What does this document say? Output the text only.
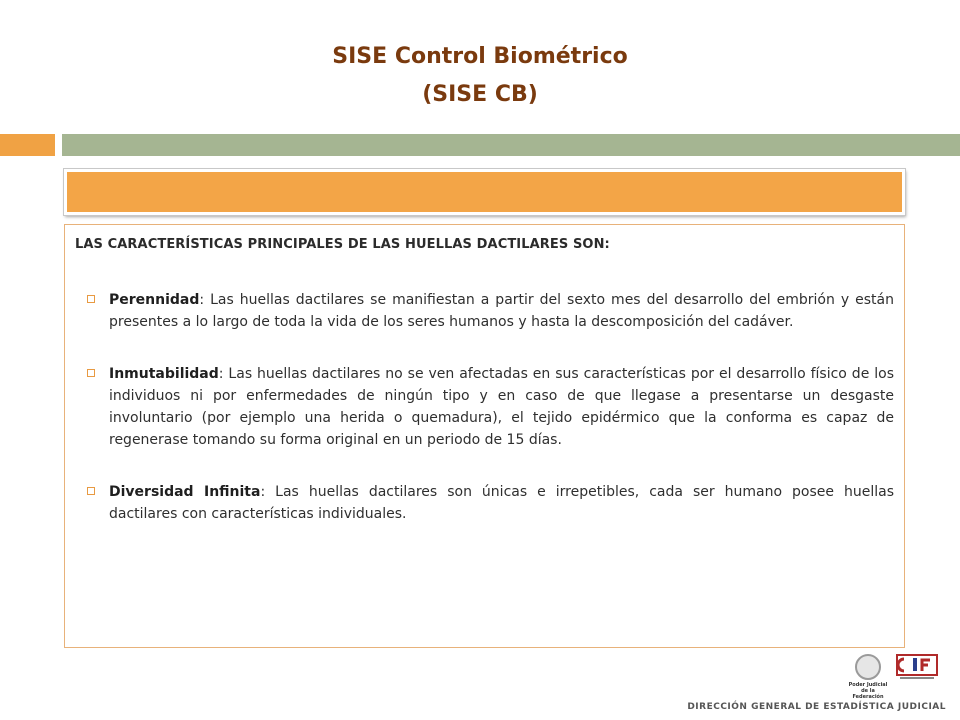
SISE Control Biométrico
(SISE CB)
LAS CARACTERÍSTICAS PRINCIPALES DE LAS HUELLAS DACTILARES SON:

Perennidad: Las huellas dactilares se manifiestan a partir del sexto mes del desarrollo del embrión y están presentes a lo largo de toda la vida de los seres humanos y hasta la descomposición del cadáver.

Inmutabilidad: Las huellas dactilares no se ven afectadas en sus características por el desarrollo físico de los individuos ni por enfermedades de ningún tipo y en caso de que llegase a presentarse un desgaste involuntario (por ejemplo una herida o quemadura), el tejido epidérmico que la conforma es capaz de regenerase tomando su forma original en un periodo de 15 días.

Diversidad Infinita: Las huellas dactilares son únicas e irrepetibles, cada ser humano posee huellas dactilares con características individuales.

Poder Judicial de la Federación
DIRECCIÓN GENERAL DE ESTADÍSTICA JUDICIAL
